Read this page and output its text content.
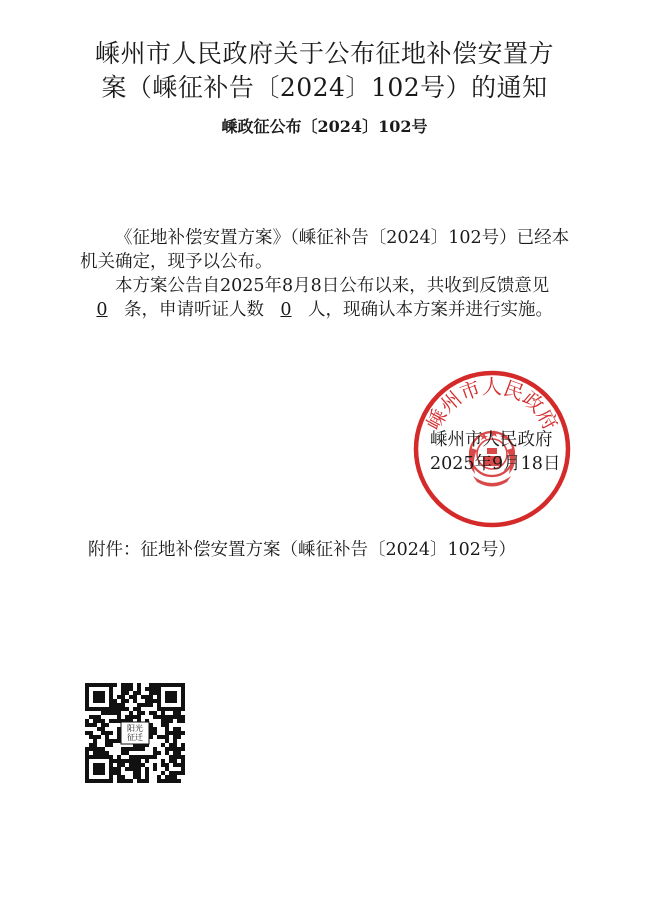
嵊州市人民政府关于公布征地补偿安置方
案（嵊征补告〔2024〕102号）的通知
嵊政征公布〔2024〕102号

《征地补偿安置方案》（嵊征补告〔2024〕102号）已经本机关确定，现予以公布。

本方案公告自2025年8月8日公布以来，共收到反馈意见0 条，申请听证人数 0 人，现确认本方案并进行实施。

嵊州市人民政府
嵊州市人民政府
2025年9月18日
附件：征地补偿安置方案（嵊征补告〔2024〕102号）
阳光
征迁
